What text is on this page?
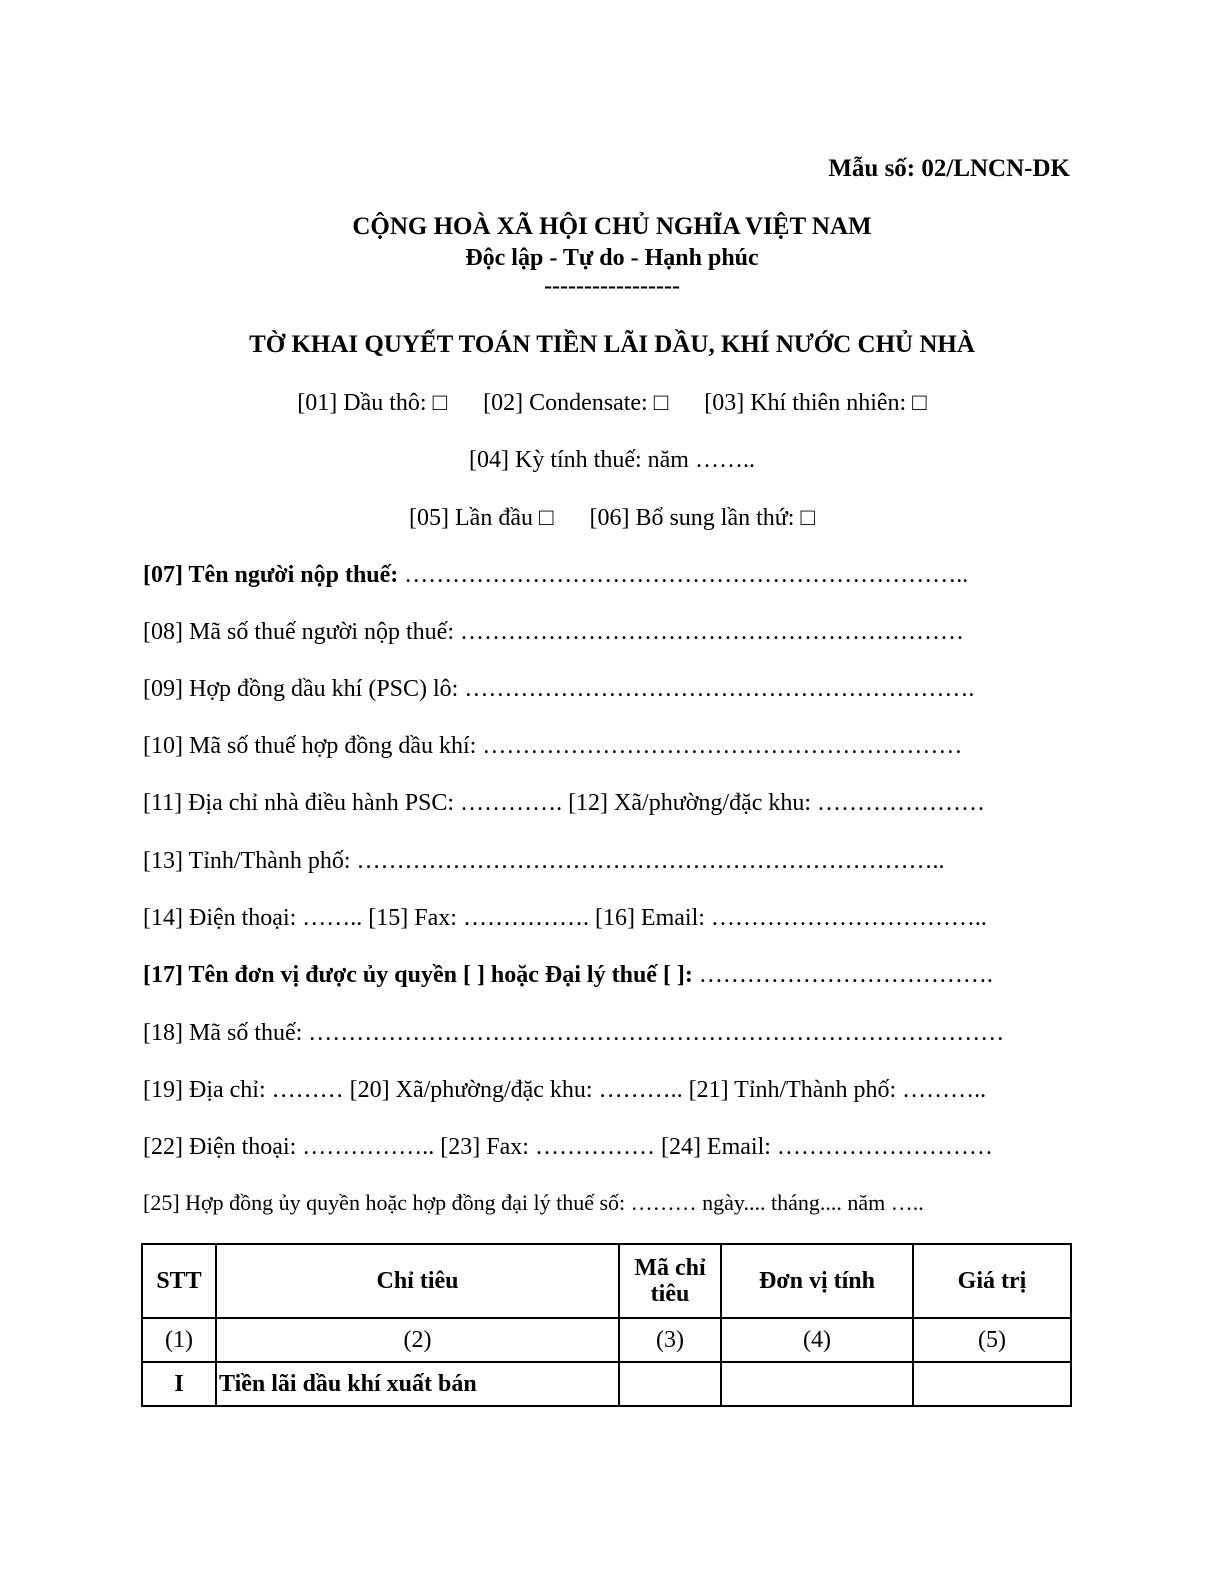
Mẫu số: 02/LNCN-DK
CỘNG HOÀ XÃ HỘI CHỦ NGHĨA VIỆT NAM
Độc lập - Tự do - Hạnh phúc
-----------------
TỜ KHAI QUYẾT TOÁN TIỀN LÃI DẦU, KHÍ NƯỚC CHỦ NHÀ
[01] Dầu thô: □      [02] Condensate: □      [03] Khí thiên nhiên: □
[04] Kỳ tính thuế: năm ……..
[05] Lần đầu □      [06] Bổ sung lần thứ: □
[07] Tên người nộp thuế: ……………………………………………………………..
[08] Mã số thuế người nộp thuế: ………………………………………………………
[09] Hợp đồng dầu khí (PSC) lô: ……………………………………………………….
[10] Mã số thuế hợp đồng dầu khí: ……………………………………………………
[11] Địa chỉ nhà điều hành PSC: …………. [12] Xã/phường/đặc khu: …………………
[13] Tỉnh/Thành phố: ………………………………………………………………..
[14] Điện thoại: …….. [15] Fax: ……………. [16] Email: ……………………………..
[17] Tên đơn vị được ủy quyền [ ] hoặc Đại lý thuế [ ]: ……………………………….
[18] Mã số thuế: ……………………………………………………………………………
[19] Địa chỉ: ……… [20] Xã/phường/đặc khu: ……….. [21] Tỉnh/Thành phố: ………..
[22] Điện thoại: …………….. [23] Fax: …………… [24] Email: ………………………
[25] Hợp đồng ủy quyền hoặc hợp đồng đại lý thuế số: ……… ngày.... tháng.... năm …..
STT	Chỉ tiêu	Mã chỉ tiêu	Đơn vị tính	Giá trị
(1)	(2)	(3)	(4)	(5)
I	Tiền lãi dầu khí xuất bán			
